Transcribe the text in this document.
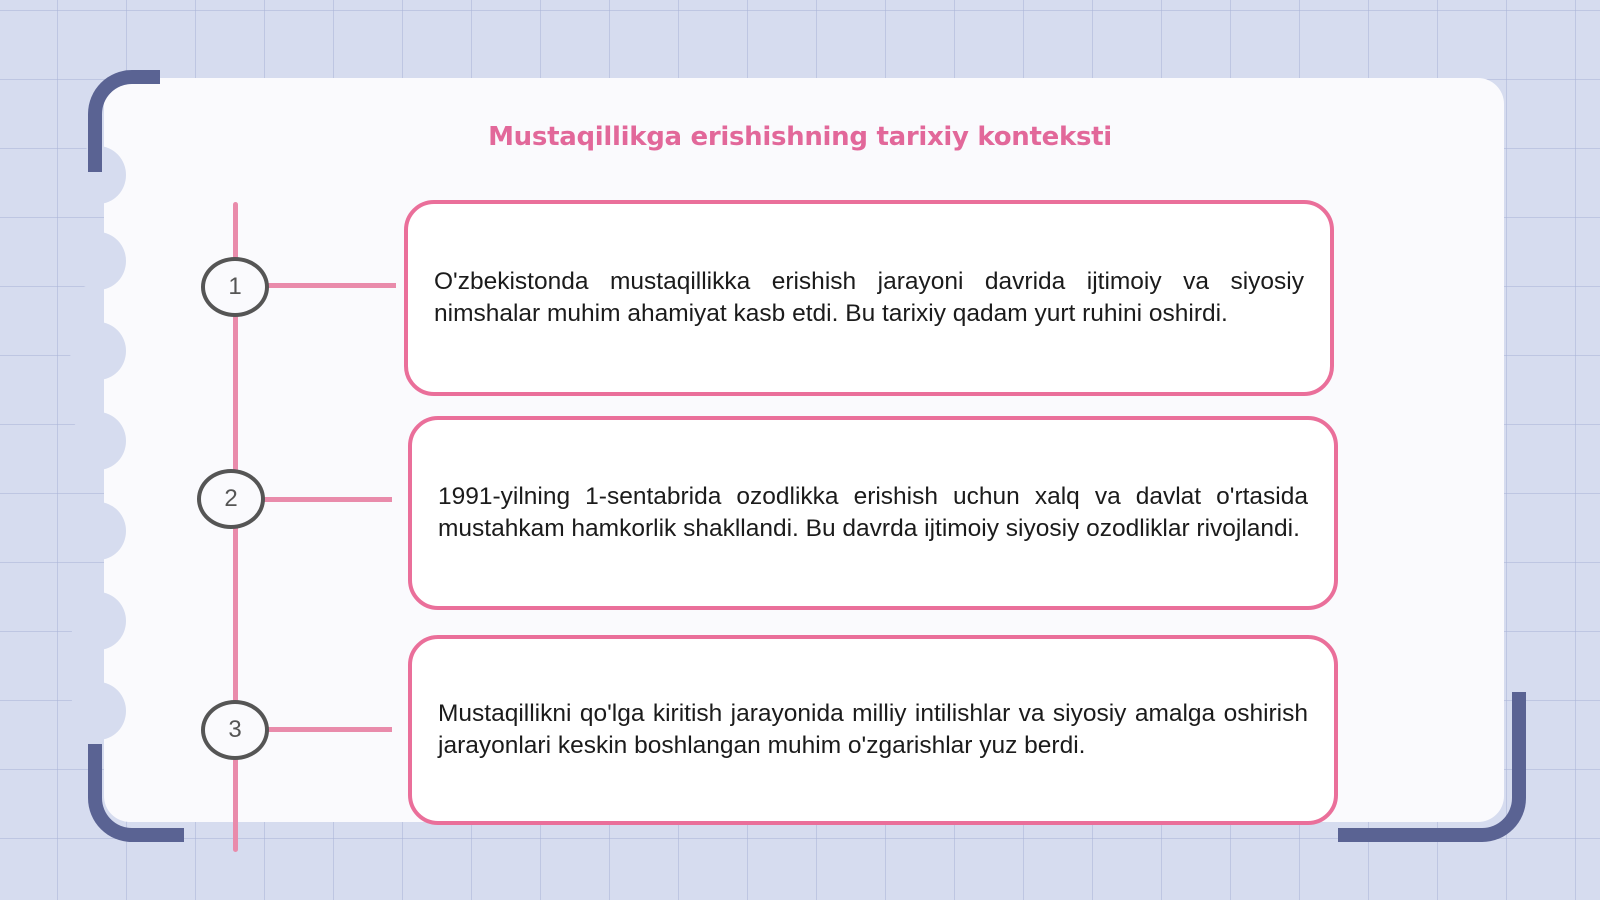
Mustaqillikga erishishning tarixiy konteksti
1
2
3

O'zbekistonda mustaqillikka erishish jarayoni davrida ijtimoiy va siyosiy nimshalar muhim ahamiyat kasb etdi. Bu tarixiy qadam yurt ruhini oshirdi.

1991-yilning 1-sentabrida ozodlikka erishish uchun xalq va davlat o'rtasida mustahkam hamkorlik shakllandi. Bu davrda ijtimoiy siyosiy ozodliklar rivojlandi.

Mustaqillikni qo'lga kiritish jarayonida milliy intilishlar va siyosiy amalga oshirish jarayonlari keskin boshlangan muhim o'zgarishlar yuz berdi.
